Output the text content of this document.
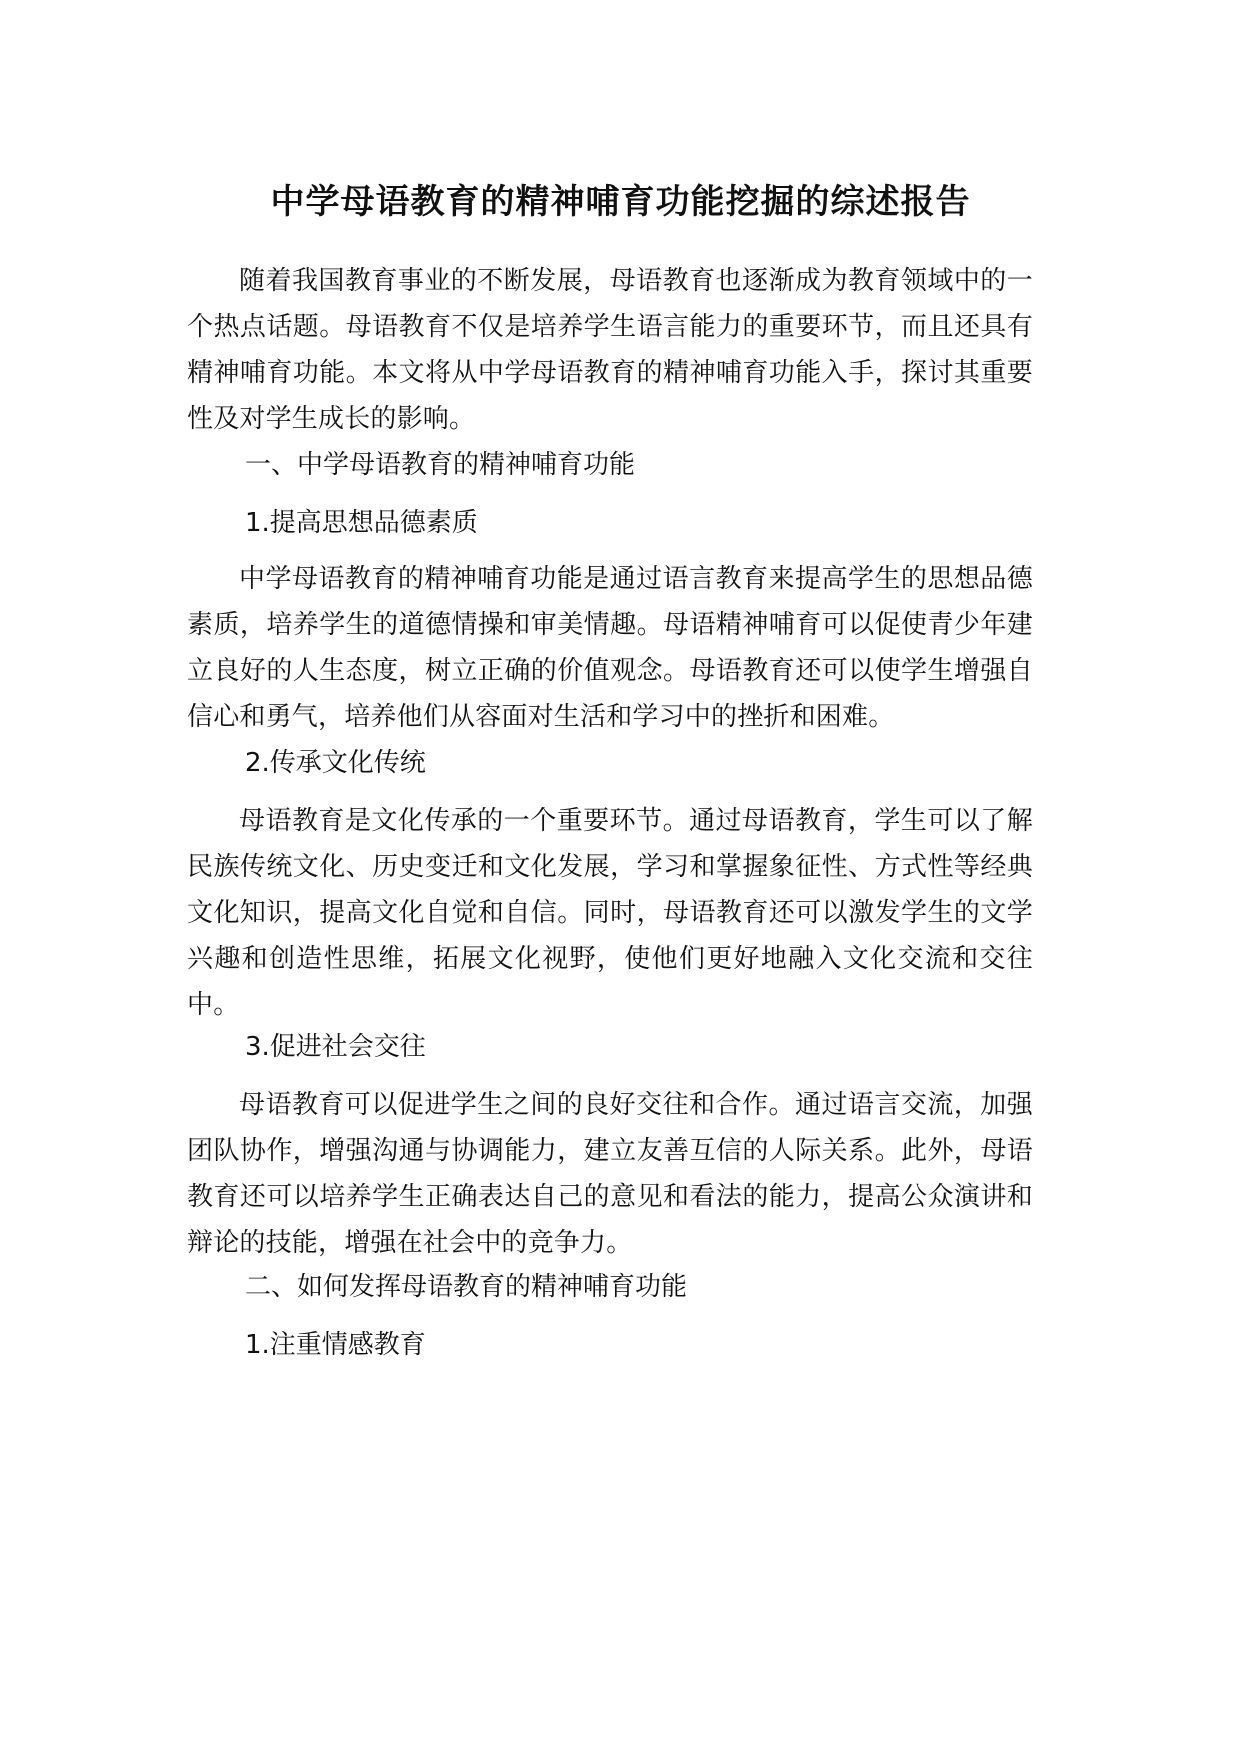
中学母语教育的精神哺育功能挖掘的综述报告

随着我国教育事业的不断发展，母语教育也逐渐成为教育领域中的一个热点话题。母语教育不仅是培养学生语言能力的重要环节，而且还具有精神哺育功能。本文将从中学母语教育的精神哺育功能入手，探讨其重要性及对学生成长的影响。

一、中学母语教育的精神哺育功能
1.提高思想品德素质

中学母语教育的精神哺育功能是通过语言教育来提高学生的思想品德素质，培养学生的道德情操和审美情趣。母语精神哺育可以促使青少年建立良好的人生态度，树立正确的价值观念。母语教育还可以使学生增强自信心和勇气，培养他们从容面对生活和学习中的挫折和困难。

2.传承文化传统

母语教育是文化传承的一个重要环节。通过母语教育，学生可以了解民族传统文化、历史变迁和文化发展，学习和掌握象征性、方式性等经典文化知识，提高文化自觉和自信。同时，母语教育还可以激发学生的文学兴趣和创造性思维，拓展文化视野，使他们更好地融入文化交流和交往中。

3.促进社会交往

母语教育可以促进学生之间的良好交往和合作。通过语言交流，加强团队协作，增强沟通与协调能力，建立友善互信的人际关系。此外，母语教育还可以培养学生正确表达自己的意见和看法的能力，提高公众演讲和辩论的技能，增强在社会中的竞争力。

二、如何发挥母语教育的精神哺育功能
1.注重情感教育
